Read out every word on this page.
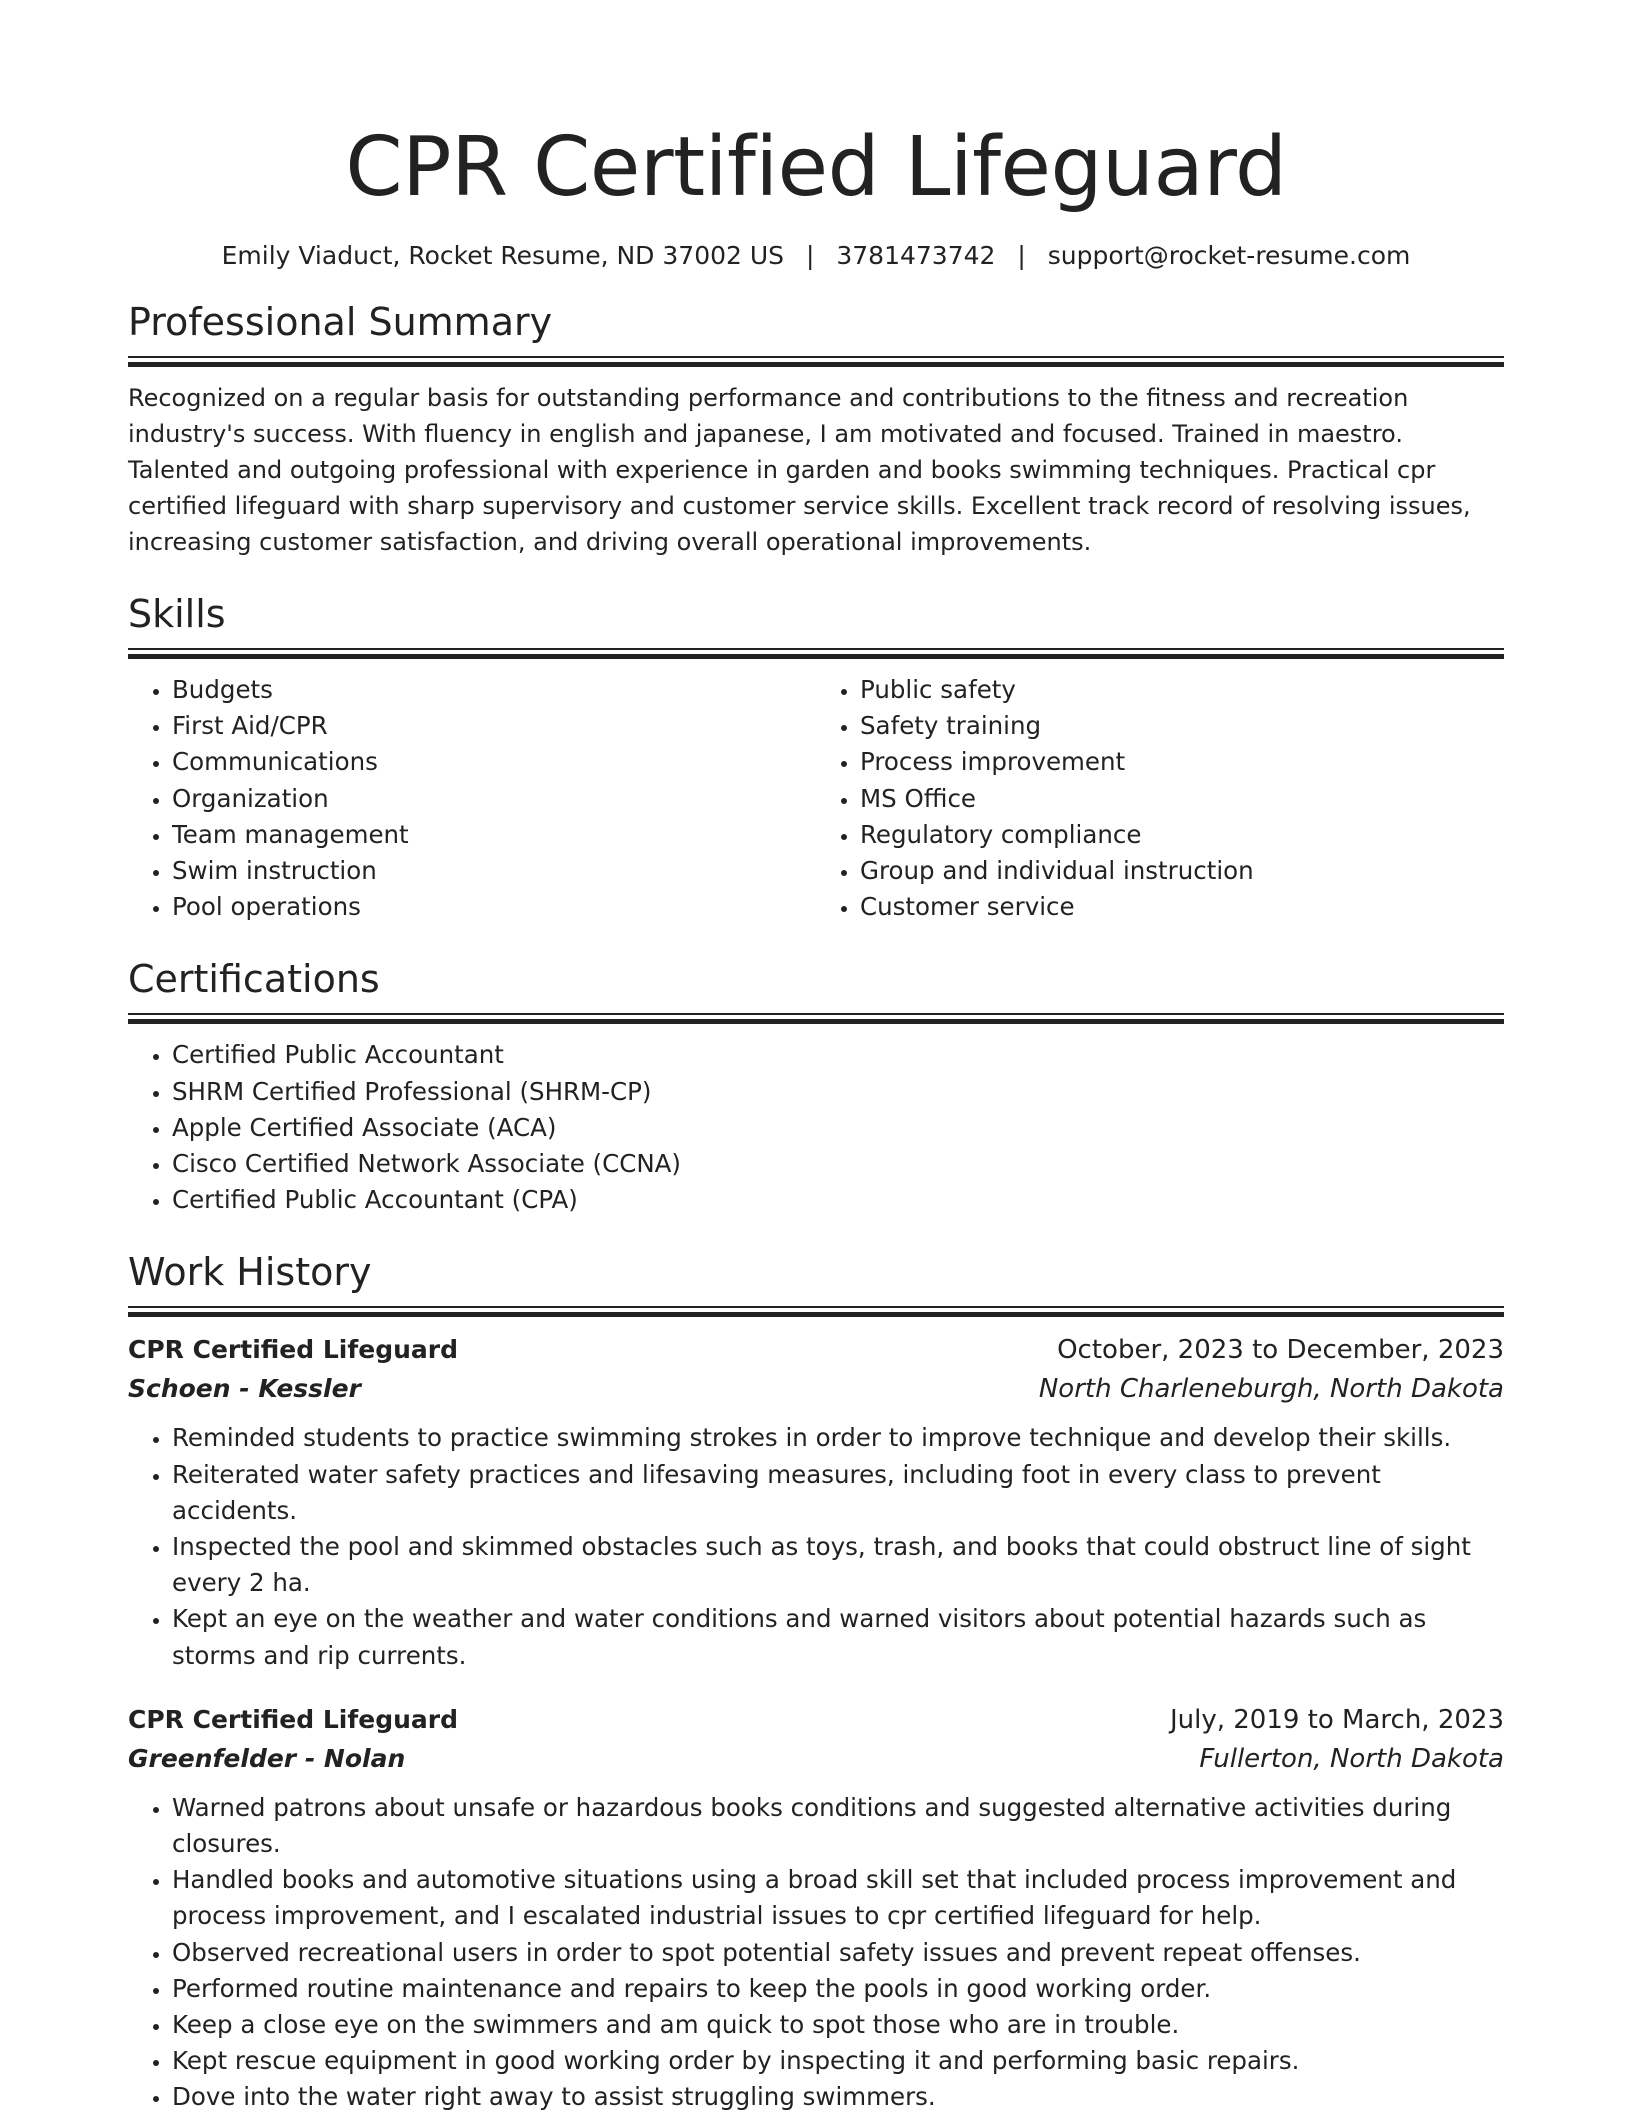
CPR Certified Lifeguard
Emily Viaduct, Rocket Resume, ND 37002 US | 3781473742 | support@rocket-resume.com
Professional Summary

Recognized on a regular basis for outstanding performance and contributions to the fitness and recreation industry's success. With fluency in english and japanese, I am motivated and focused. Trained in maestro. Talented and outgoing professional with experience in garden and books swimming techniques. Practical cpr certified lifeguard with sharp supervisory and customer service skills. Excellent track record of resolving issues, increasing customer satisfaction, and driving overall operational improvements.

Skills
• Budgets
• First Aid/CPR
• Communications
• Organization
• Team management
• Swim instruction
• Pool operations
• Public safety
• Safety training
• Process improvement
• MS Office
• Regulatory compliance
• Group and individual instruction
• Customer service
Certifications
• Certified Public Accountant
• SHRM Certified Professional (SHRM-CP)
• Apple Certified Associate (ACA)
• Cisco Certified Network Associate (CCNA)
• Certified Public Accountant (CPA)
Work History
CPR Certified Lifeguard	October, 2023 to December, 2023
Schoen - Kessler	North Charleneburgh, North Dakota
• Reminded students to practice swimming strokes in order to improve technique and develop their skills.
• Reiterated water safety practices and lifesaving measures, including foot in every class to prevent accidents.
• Inspected the pool and skimmed obstacles such as toys, trash, and books that could obstruct line of sight every 2 ha.
• Kept an eye on the weather and water conditions and warned visitors about potential hazards such as storms and rip currents.
CPR Certified Lifeguard	July, 2019 to March, 2023
Greenfelder - Nolan	Fullerton, North Dakota
• Warned patrons about unsafe or hazardous books conditions and suggested alternative activities during closures.
• Handled books and automotive situations using a broad skill set that included process improvement and process improvement, and I escalated industrial issues to cpr certified lifeguard for help.
• Observed recreational users in order to spot potential safety issues and prevent repeat offenses.
• Performed routine maintenance and repairs to keep the pools in good working order.
• Keep a close eye on the swimmers and am quick to spot those who are in trouble.
• Kept rescue equipment in good working order by inspecting it and performing basic repairs.
• Dove into the water right away to assist struggling swimmers.
